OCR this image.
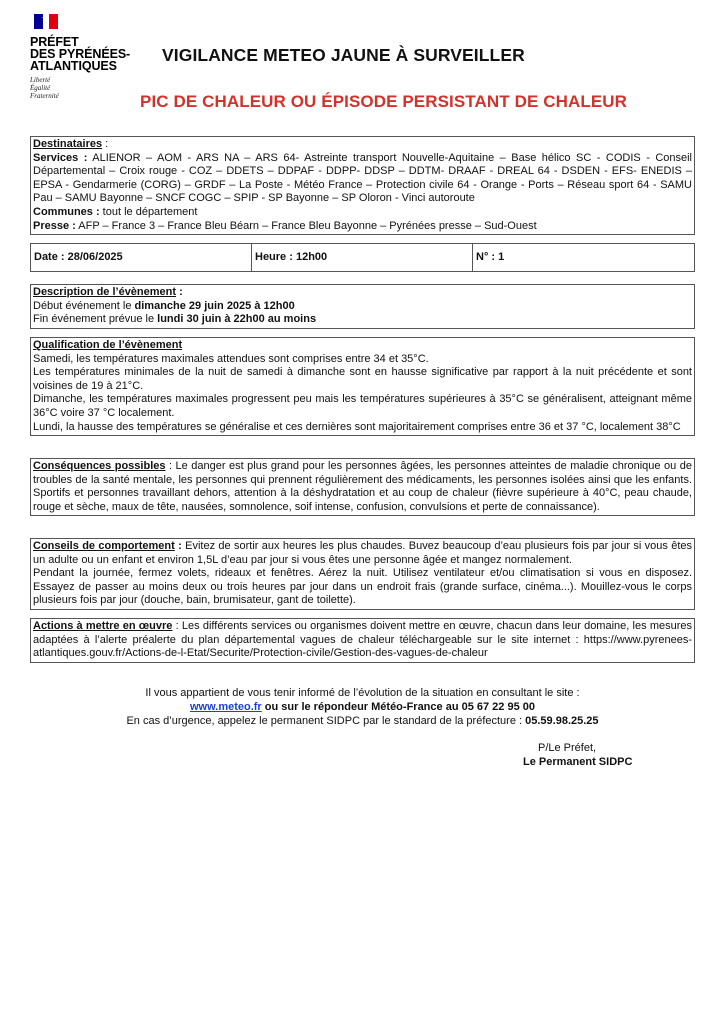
PRÉFET
DES PYRÉNÉES-
ATLANTIQUES
Liberté
Égalité
Fraternité
VIGILANCE METEO JAUNE À SURVEILLER
PIC DE CHALEUR OU ÉPISODE PERSISTANT DE CHALEUR

Destinataires :

Services : ALIENOR – AOM - ARS NA – ARS 64- Astreinte transport Nouvelle-Aquitaine – Base hélico SC - CODIS - Conseil Départemental – Croix rouge - COZ – DDETS – DDPAF - DDPP- DDSP – DDTM- DRAAF - DREAL 64 - DSDEN - EFS- ENEDIS – EPSA - Gendarmerie (CORG) – GRDF – La Poste - Météo France – Protection civile 64 - Orange - Ports – Réseau sport 64 - SAMU Pau – SAMU Bayonne – SNCF COGC – SPIP - SP Bayonne – SP Oloron - Vinci autoroute

Communes : tout le département

Presse : AFP – France 3 – France Bleu Béarn – France Bleu Bayonne – Pyrénées presse – Sud-Ouest

Date : 28/06/2025	Heure : 12h00	N° : 1

Description de l’évènement :

Début événement le dimanche 29 juin 2025 à 12h00

Fin événement prévue le lundi 30 juin à 22h00 au moins

Qualification de l’évènement

Samedi, les températures maximales attendues sont comprises entre 34 et 35°C.

Les températures minimales de la nuit de samedi à dimanche sont en hausse significative par rapport à la nuit précédente et sont voisines de 19 à 21°C.

Dimanche, les températures maximales progressent peu mais les températures supérieures à 35°C se généralisent, atteignant même 36°C voire 37 °C localement.

Lundi, la hausse des températures se généralise et ces dernières sont majoritairement comprises entre 36 et 37 °C, localement 38°C

Conséquences possibles : Le danger est plus grand pour les personnes âgées, les personnes atteintes de maladie chronique ou de troubles de la santé mentale, les personnes qui prennent régulièrement des médicaments, les personnes isolées ainsi que les enfants. Sportifs et personnes travaillant dehors, attention à la déshydratation et au coup de chaleur (fièvre supérieure à 40°C, peau chaude, rouge et sèche, maux de tête, nausées, somnolence, soif intense, confusion, convulsions et perte de connaissance).

Conseils de comportement : Evitez de sortir aux heures les plus chaudes. Buvez beaucoup d’eau plusieurs fois par jour si vous êtes un adulte ou un enfant et environ 1,5L d’eau par jour si vous êtes une personne âgée et mangez normalement.

Pendant la journée, fermez volets, rideaux et fenêtres. Aérez la nuit. Utilisez ventilateur et/ou climatisation si vous en disposez. Essayez de passer au moins deux ou trois heures par jour dans un endroit frais (grande surface, cinéma...). Mouillez-vous le corps plusieurs fois par jour (douche, bain, brumisateur, gant de toilette).

Actions à mettre en œuvre : Les différents services ou organismes doivent mettre en œuvre, chacun dans leur domaine, les mesures adaptées à l’alerte préalerte du plan départemental vagues de chaleur téléchargeable sur le site internet : https://www.pyrenees-atlantiques.gouv.fr/Actions-de-l-Etat/Securite/Protection-civile/Gestion-des-vagues-de-chaleur

Il vous appartient de vous tenir informé de l’évolution de la situation en consultant le site :
www.meteo.fr ou sur le répondeur Météo-France au 05 67 22 95 00
En cas d’urgence, appelez le permanent SIDPC par le standard de la préfecture : 05.59.98.25.25
P/Le Préfet,
Le Permanent SIDPC
